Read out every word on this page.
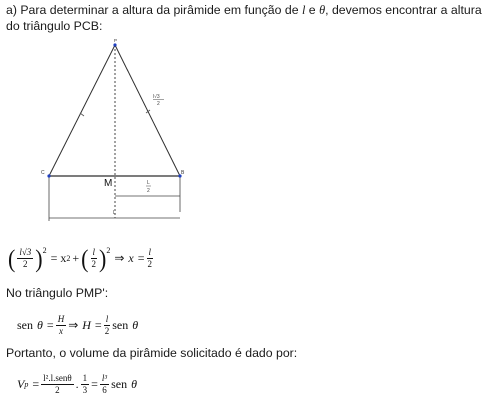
a) Para determinar a altura da pirâmide em função de l e θ, devemos encontrar a altura
do triângulo PCB:
P
C	B
M
l√3
2
L
2
L
( $\frac{l√3}{2} )^2$
= x 2 + ( $\frac{l}{2} )^2$
⇒ $x = \frac{l}{2}$
No triângulo PMP':
sen $\theta = \frac{H}{x}$ ⇒ $H = \frac{l}{2}$ sen θ
Portanto, o volume da pirâmide solicitado é dado por:
V $p = \frac{\text{l².l.senθ}}{2}$ . $\frac{1}{3} = \frac{\text{l³}}{6}$ sen θ
